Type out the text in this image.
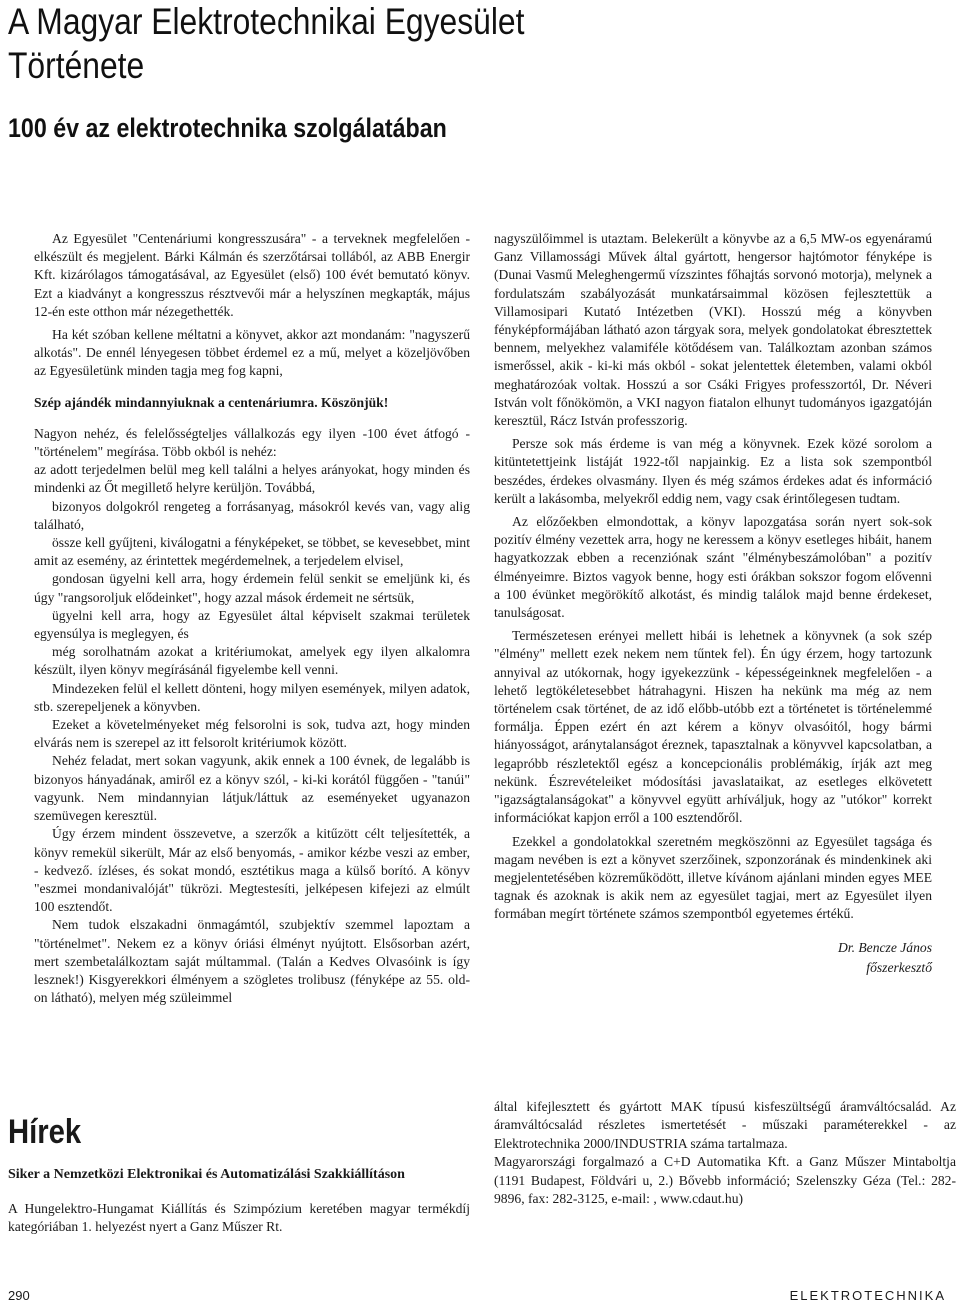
A Magyar Elektrotechnikai Egyesület
Története
100 év az elektrotechnika szolgálatában

Az Egyesület "Centenáriumi kongresszusára" - a terveknek megfelelően - elkészült és megjelent. Bárki Kálmán és szerzőtársai tollából, az ABB Energir Kft. kizárólagos támogatásával, az Egyesület (első) 100 évét bemutató könyv. Ezt a kiadványt a kongresszus résztvevői már a helyszínen megkapták, május 12-én este otthon már nézegethették.

Ha két szóban kellene méltatni a könyvet, akkor azt mondanám: "nagyszerű alkotás". De ennél lényegesen többet érdemel ez a mű, melyet a közeljövőben az Egyesületünk minden tagja meg fog kapni,

Szép ajándék mindannyiuknak a centenáriumra. Köszönjük!

Nagyon nehéz, és felelősségteljes vállalkozás egy ilyen -100 évet átfogó - "történelem" megírása. Több okból is nehéz:

az adott terjedelmen belül meg kell találni a helyes arányokat, hogy minden és mindenki az Őt megillető helyre kerüljön. Továbbá,

bizonyos dolgokról rengeteg a forrásanyag, másokról kevés van, vagy alig található,

össze kell gyűjteni, kiválogatni a fényképeket, se többet, se kevesebbet, mint amit az esemény, az érintettek megérdemelnek, a terjedelem elvisel,

gondosan ügyelni kell arra, hogy érdemein felül senkit se emeljünk ki, és úgy "rangsoroljuk elődeinket", hogy azzal mások érdemeit ne sértsük,

ügyelni kell arra, hogy az Egyesület által képviselt szakmai területek egyensúlya is meglegyen, és

még sorolhatnám azokat a kritériumokat, amelyek egy ilyen alkalomra készült, ilyen könyv megírásánál figyelembe kell venni.

Mindezeken felül el kellett dönteni, hogy milyen események, milyen adatok, stb. szerepeljenek a könyvben.

Ezeket a követelményeket még felsorolni is sok, tudva azt, hogy minden elvárás nem is szerepel az itt felsorolt kritériumok között.

Nehéz feladat, mert sokan vagyunk, akik ennek a 100 évnek, de legalább is bizonyos hányadának, amiről ez a könyv szól, - ki-ki korától függően - "tanúi" vagyunk. Nem mindannyian látjuk/láttuk az eseményeket ugyanazon szemüvegen keresztül.

Úgy érzem mindent összevetve, a szerzők a kitűzött célt teljesítették, a könyv remekül sikerült, Már az első benyomás, - amikor kézbe veszi az ember, - kedvező. ízléses, és sokat mondó, esztétikus maga a külső borító. A könyv "eszmei mondanivalóját" tükrözi. Megtestesíti, jelképesen kifejezi az elmúlt 100 esztendőt.

Nem tudok elszakadni önmagámtól, szubjektív szemmel lapoztam a "történelmet". Nekem ez a könyv óriási élményt nyújtott. Elsősorban azért, mert szembetalálkoztam saját múltammal. (Talán a Kedves Olvasóink is így lesznek!) Kisgyerekkori élményem a szögletes trolibusz (fényképe az 55. old-on látható), melyen még szüleimmel

nagyszülőimmel is utaztam. Belekerült a könyvbe az a 6,5 MW-os egyenáramú Ganz Villamossági Művek által gyártott, hengersor hajtómotor fényképe is (Dunai Vasmű Meleghengermű vízszintes főhajtás sorvonó motorja), melynek a fordulatszám szabályozását munkatársaimmal közösen fejlesztettük a Villamosipari Kutató Intézetben (VKI). Hosszú még a könyvben fényképformájában látható azon tárgyak sora, melyek gondolatokat ébresztettek bennem, melyekhez valamiféle kötődésem van. Találkoztam azonban számos ismerőssel, akik - ki-ki más okból - sokat jelentettek életemben, valami okból meghatározóak voltak. Hosszú a sor Csáki Frigyes professzortól, Dr. Néveri István volt főnökömön, a VKI nagyon fiatalon elhunyt tudományos igazgatóján keresztül, Rácz István professzorig.

Persze sok más érdeme is van még a könyvnek. Ezek közé sorolom a kitüntetettjeink listáját 1922-től napjainkig. Ez a lista sok szempontból beszédes, érdekes olvasmány. Ilyen és még számos érdekes adat és információ került a lakásomba, melyekről eddig nem, vagy csak érintőlegesen tudtam.

Az előzőekben elmondottak, a könyv lapozgatása során nyert sok-sok pozitív élmény vezettek arra, hogy ne keressem a könyv esetleges hibáit, hanem hagyatkozzak ebben a recenziónak szánt "élménybeszámolóban" a pozitív élményeimre. Biztos vagyok benne, hogy esti órákban sokszor fogom elővenni a 100 évünket megörökítő alkotást, és mindig találok majd benne érdekeset, tanulságosat.

Természetesen erényei mellett hibái is lehetnek a könyvnek (a sok szép "élmény" mellett ezek nekem nem tűntek fel). Én úgy érzem, hogy tartozunk annyival az utókornak, hogy igyekezzünk - képességeinknek megfelelően - a lehető legtökéletesebbet hátrahagyni. Hiszen ha nekünk ma még az nem történelem csak történet, de az idő előbb-utóbb ezt a történetet is történelemmé formálja. Éppen ezért én azt kérem a könyv olvasóitól, hogy bármi hiányosságot, aránytalanságot éreznek, tapasztalnak a könyvvel kapcsolatban, a legapróbb részletektől egész a koncepcionális problémákig, írják azt meg nekünk. Észrevételeiket módosítási javaslataikat, az esetleges elkövetett "igazságtalanságokat" a könyvvel együtt arhíváljuk, hogy az "utókor" korrekt információkat kapjon erről a 100 esztendőről.

Ezekkel a gondolatokkal szeretném megköszönni az Egyesület tagsága és magam nevében is ezt a könyvet szerzőinek, szponzorának és mindenkinek aki megjelentetésében közreműködött, illetve kívánom ajánlani minden egyes MEE tagnak és azoknak is akik nem az egyesület tagjai, mert az Egyesület ilyen formában megírt története számos szempontból egyetemes értékű.

Dr. Bencze János
főszerkesztő

Hírek

Siker a Nemzetközi Elektronikai és Automatizálási Szakkiállításon

A Hungelektro-Hungamat Kiállítás és Szimpózium keretében magyar termékdíj kategóriában 1. helyezést nyert a Ganz Műszer Rt.

által kifejlesztett és gyártott MAK típusú kisfeszültségű áramváltócsalád. Az áramváltócsalád részletes ismertetését - műszaki paraméterekkel - az Elektrotechnika 2000/INDUSTRIA számа tartalmaza.

Magyarországi forgalmazó a C+D Automatika Kft. a Ganz Műszer Mintaboltja (1191 Budapest, Földvári u, 2.) Bővebb információ; Szelenszky Géza (Tel.: 282-9896, fax: 282-3125, e-mail: , www.cdaut.hu)

290	ELEKTROTECHNIKA
